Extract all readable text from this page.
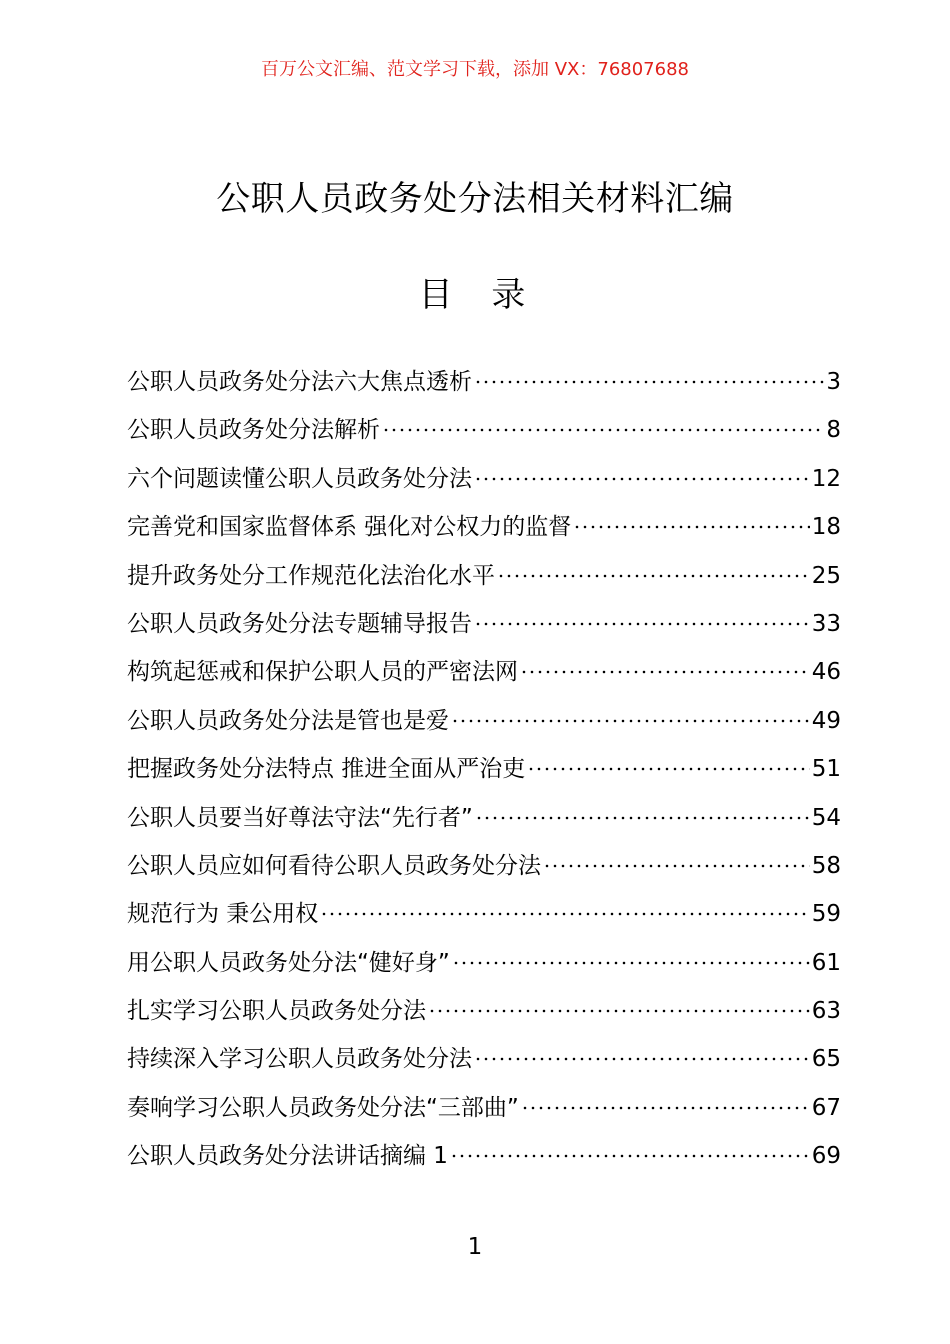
百万公文汇编、范文学习下载，添加 VX：76807688
公职人员政务处分法相关材料汇编
目 录
公职人员政务处分法六大焦点透析	3
公职人员政务处分法解析	8
六个问题读懂公职人员政务处分法	12
完善党和国家监督体系 强化对公权力的监督	18
提升政务处分工作规范化法治化水平	25
公职人员政务处分法专题辅导报告	33
构筑起惩戒和保护公职人员的严密法网	46
公职人员政务处分法是管也是爱	49
把握政务处分法特点 推进全面从严治吏	51
公职人员要当好尊法守法“先行者”	54
公职人员应如何看待公职人员政务处分法	58
规范行为 秉公用权	59
用公职人员政务处分法“健好身”	61
扎实学习公职人员政务处分法	63
持续深入学习公职人员政务处分法	65
奏响学习公职人员政务处分法“三部曲”	67
公职人员政务处分法讲话摘编 1	69
1
